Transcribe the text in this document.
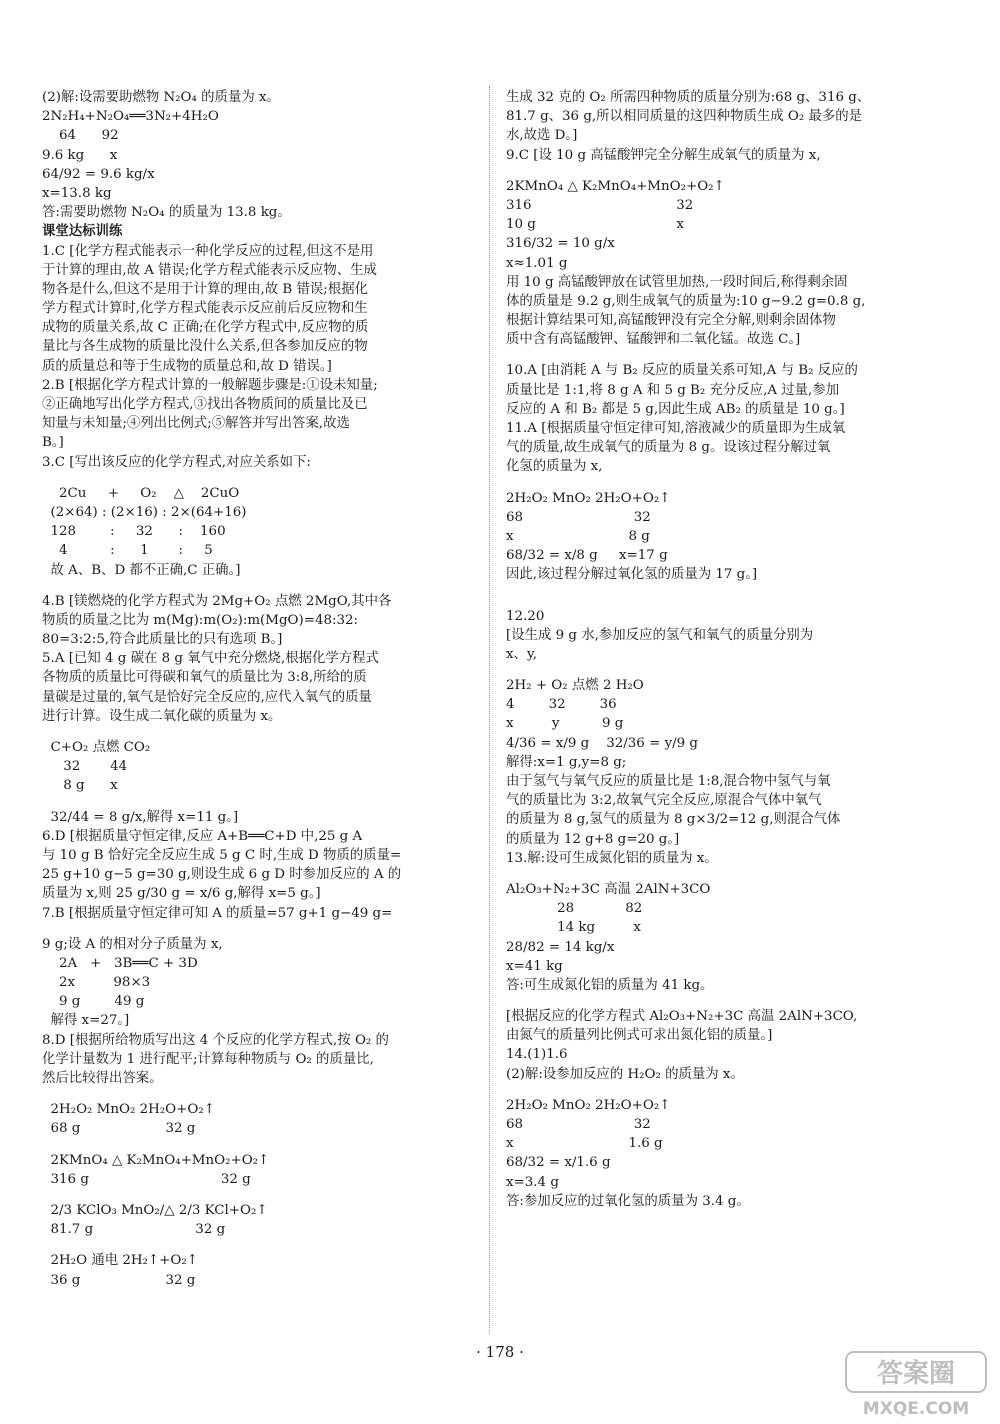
(2)解:设需要助燃物 N₂O₄ 的质量为 x。
2N₂H₄+N₂O₄══3N₂+4H₂O
64      92
9.6 kg      x
64/92 = 9.6 kg/x
x=13.8 kg
答:需要助燃物 N₂O₄ 的质量为 13.8 kg。
课堂达标训练
1.C [化学方程式能表示一种化学反应的过程,但这不是用
于计算的理由,故 A 错误;化学方程式能表示反应物、生成
物各是什么,但这不是用于计算的理由,故 B 错误;根据化
学方程式计算时,化学方程式能表示反应前后反应物和生
成物的质量关系,故 C 正确;在化学方程式中,反应物的质
量比与各生成物的质量比没什么关系,但各参加反应的物
质的质量总和等于生成物的质量总和,故 D 错误。]
2.B [根据化学方程式计算的一般解题步骤是:①设未知量;
②正确地写出化学方程式,③找出各物质间的质量比及已
知量与未知量;④列出比例式;⑤解答并写出答案,故选
B。]
3.C [写出该反应的化学方程式,对应关系如下:
2Cu     +     O₂    △    2CuO
(2×64) : (2×16) : 2×(64+16)
128        :     32      :    160
4          :      1       :     5
故 A、B、D 都不正确,C 正确。]
4.B [镁燃烧的化学方程式为 2Mg+O₂ 点燃 2MgO,其中各
物质的质量之比为 m(Mg):m(O₂):m(MgO)=48:32:
80=3:2:5,符合此质量比的只有选项 B。]
5.A [已知 4 g 碳在 8 g 氧气中充分燃烧,根据化学方程式
各物质的质量比可得碳和氧气的质量比为 3:8,所给的质
量碳是过量的,氧气是恰好完全反应的,应代入氧气的质量
进行计算。设生成二氧化碳的质量为 x。
C+O₂ 点燃 CO₂
32       44
8 g      x
32/44 = 8 g/x,解得 x=11 g。]
6.D [根据质量守恒定律,反应 A+B══C+D 中,25 g A
与 10 g B 恰好完全反应生成 5 g C 时,生成 D 物质的质量=
25 g+10 g−5 g=30 g,则设生成 6 g D 时参加反应的 A 的
质量为 x,则 25 g/30 g = x/6 g,解得 x=5 g。]
7.B [根据质量守恒定律可知 A 的质量=57 g+1 g−49 g=
9 g;设 A 的相对分子质量为 x,
2A   +   3B══C + 3D
2x         98×3
9 g        49 g
解得 x=27。]
8.D [根据所给物质写出这 4 个反应的化学方程式,按 O₂ 的
化学计量数为 1 进行配平;计算每种物质与 O₂ 的质量比,
然后比较得出答案。
2H₂O₂ MnO₂ 2H₂O+O₂↑
68 g                    32 g
2KMnO₄ △ K₂MnO₄+MnO₂+O₂↑
316 g                               32 g
2/3 KClO₃ MnO₂/△ 2/3 KCl+O₂↑
81.7 g                        32 g
2H₂O 通电 2H₂↑+O₂↑
36 g                    32 g
生成 32 克的 O₂ 所需四种物质的质量分别为:68 g、316 g、
81.7 g、36 g,所以相同质量的这四种物质生成 O₂ 最多的是
水,故选 D。]
9.C [设 10 g 高锰酸钾完全分解生成氧气的质量为 x,
2KMnO₄ △ K₂MnO₄+MnO₂+O₂↑
316                                  32
10 g                                 x
316/32 = 10 g/x
x≈1.01 g
用 10 g 高锰酸钾放在试管里加热,一段时间后,称得剩余固
体的质量是 9.2 g,则生成氧气的质量为:10 g−9.2 g=0.8 g,
根据计算结果可知,高锰酸钾没有完全分解,则剩余固体物
质中含有高锰酸钾、锰酸钾和二氧化锰。故选 C。]
10.A [由消耗 A 与 B₂ 反应的质量关系可知,A 与 B₂ 反应的
质量比是 1:1,将 8 g A 和 5 g B₂ 充分反应,A 过量,参加
反应的 A 和 B₂ 都是 5 g,因此生成 AB₂ 的质量是 10 g。]
11.A [根据质量守恒定律可知,溶液减少的质量即为生成氧
气的质量,故生成氧气的质量为 8 g。设该过程分解过氧
化氢的质量为 x,
2H₂O₂ MnO₂ 2H₂O+O₂↑
68                          32
x                           8 g
68/32 = x/8 g     x=17 g
因此,该过程分解过氧化氢的质量为 17 g。]
12.20
[设生成 9 g 水,参加反应的氢气和氧气的质量分别为
x、y,
2H₂ + O₂ 点燃 2 H₂O
4        32        36
x         y          9 g
4/36 = x/9 g    32/36 = y/9 g
解得:x=1 g,y=8 g;
由于氢气与氧气反应的质量比是 1:8,混合物中氢气与氧
气的质量比为 3:2,故氧气完全反应,原混合气体中氧气
的质量为 8 g,氢气的质量为 8 g×3/2=12 g,则混合气体
的质量为 12 g+8 g=20 g。]
13.解:设可生成氮化铝的质量为 x。
Al₂O₃+N₂+3C 高温 2AlN+3CO
28            82
14 kg         x
28/82 = 14 kg/x
x=41 kg
答:可生成氮化铝的质量为 41 kg。
[根据反应的化学方程式 Al₂O₃+N₂+3C 高温 2AlN+3CO,
由氮气的质量列比例式可求出氮化铝的质量。]
14.(1)1.6
(2)解:设参加反应的 H₂O₂ 的质量为 x。
2H₂O₂ MnO₂ 2H₂O+O₂↑
68                          32
x                           1.6 g
68/32 = x/1.6 g
x=3.4 g
答:参加反应的过氧化氢的质量为 3.4 g。
· 178 ·
答案圈
MXQE.COM
